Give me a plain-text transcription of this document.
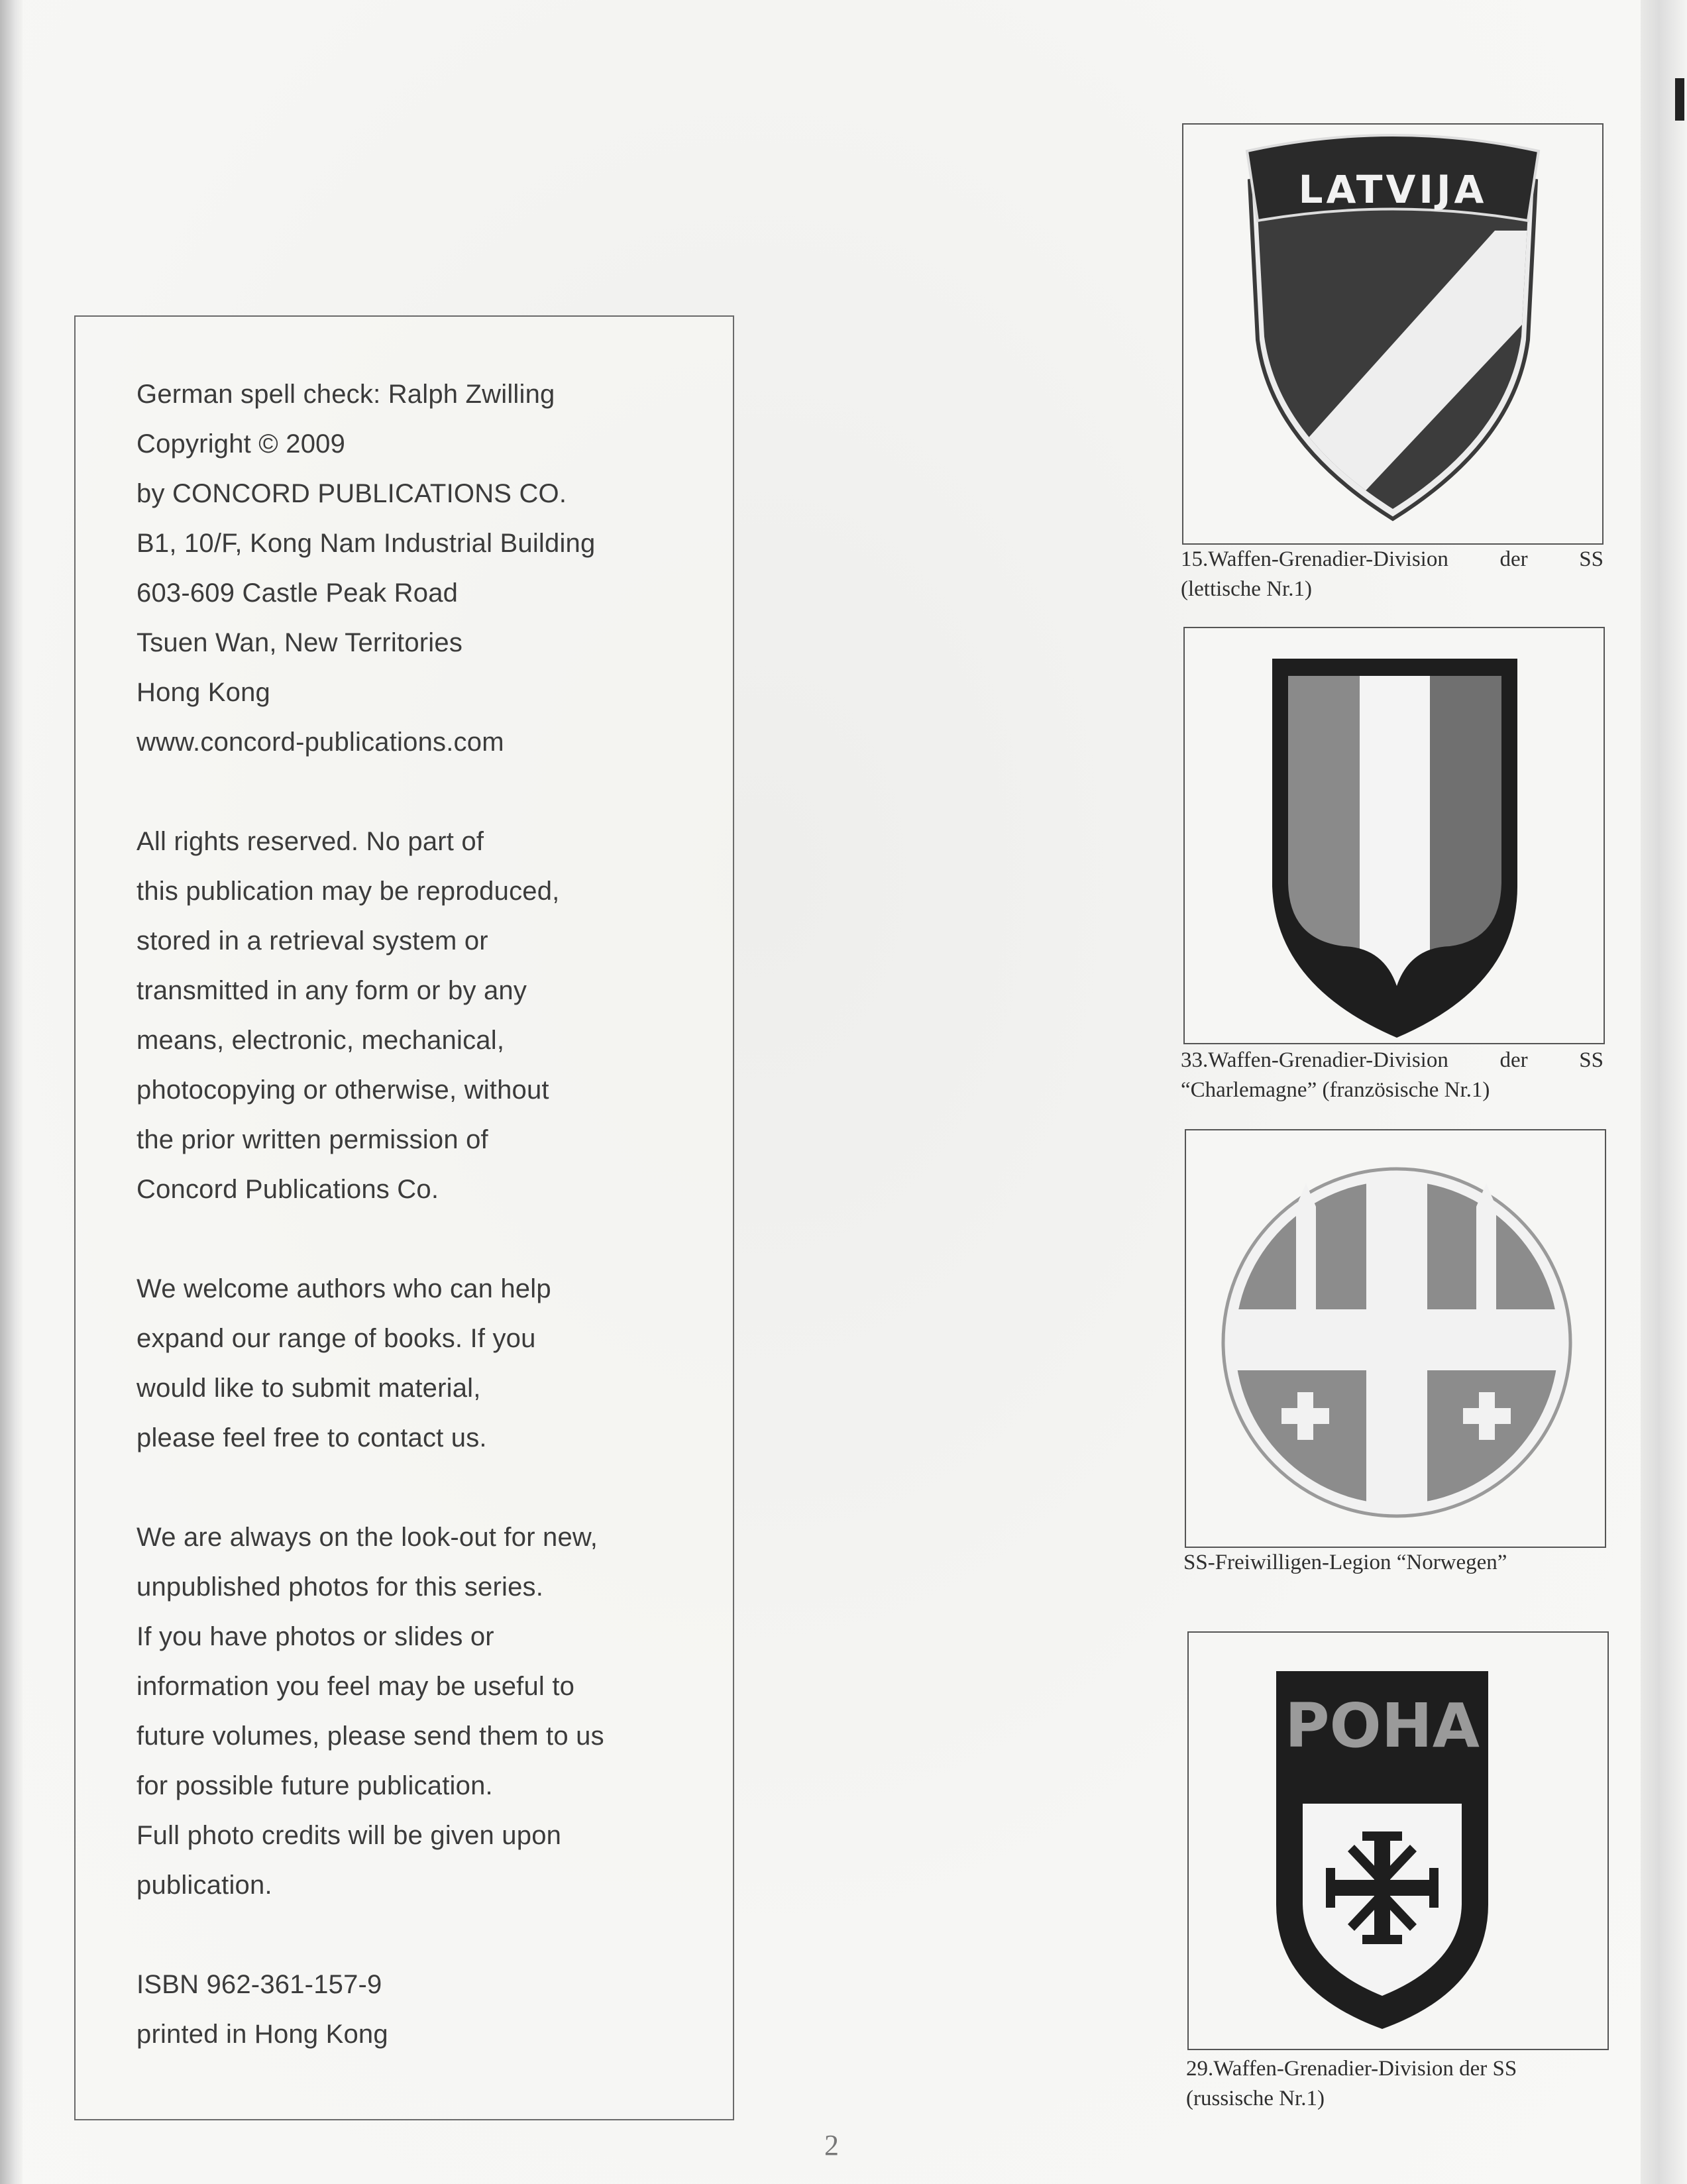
German spell check: Ralph Zwilling
Copyright © 2009
by CONCORD PUBLICATIONS CO.
B1, 10/F, Kong Nam Industrial Building
603-609 Castle Peak Road
Tsuen Wan, New Territories
Hong Kong
www.concord-publications.com
All rights reserved. No part of
this publication may be reproduced,
stored in a retrieval system or
transmitted in any form or by any
means, electronic, mechanical,
photocopying or otherwise, without
the prior written permission of
Concord Publications Co.
We welcome authors who can help
expand our range of books. If you
would like to submit material,
please feel free to contact us.
We are always on the look-out for new,
unpublished photos for this series.
If you have photos or slides or
information you feel may be useful to
future volumes, please send them to us
for possible future publication.
Full photo credits will be given upon
publication.
ISBN 962-361-157-9
printed in Hong Kong
LATVIJA
15.Waffen-Grenadier-Division der SS
(lettische Nr.1)
33.Waffen-Grenadier-Division der SS
“Charlemagne” (französische Nr.1)
SS-Freiwilligen-Legion “Norwegen”
POHA
29.Waffen-Grenadier-Division der SS
(russische Nr.1)
2
